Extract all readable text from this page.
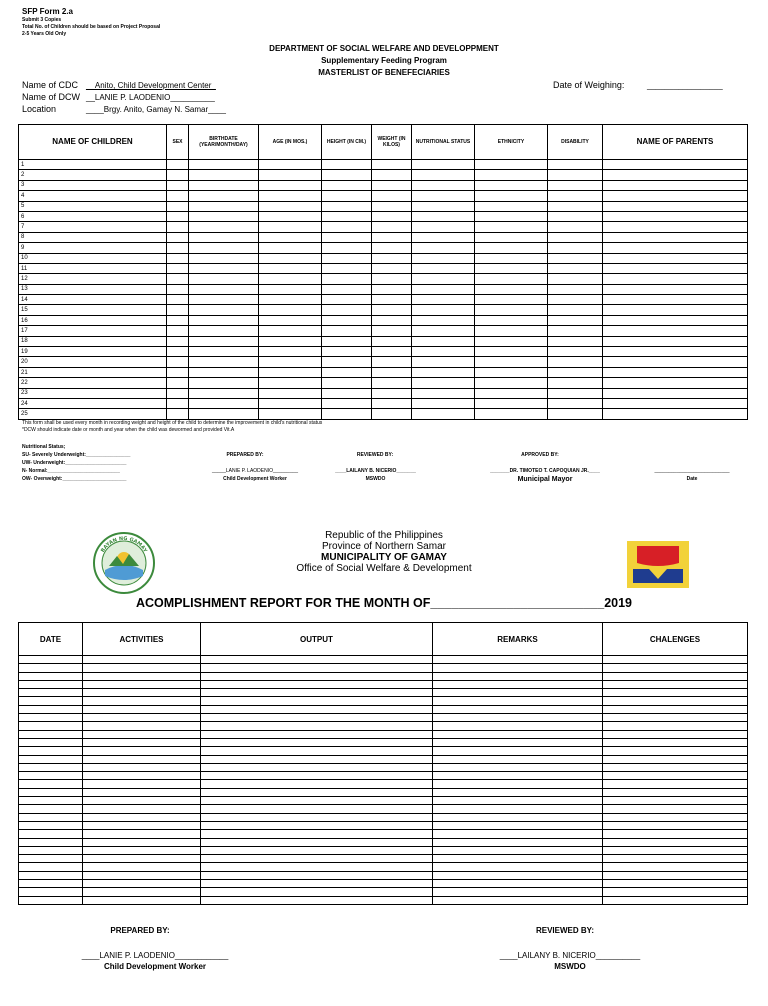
SFP Form 2.a
Submit 3 Copies
Total No. of Children should be based on Project Proposal
2-5 Years Old Only
DEPARTMENT OF SOCIAL WELFARE AND DEVELOPPMENT
Supplementary Feeding Program
MASTERLIST OF BENEFECIARIES
Name of CDC __Anito, Child Development Center_
Name of DCW __LANIE P. LAODENIO__________
Location	____Brgy. Anito, Gamay N. Samar____
Date of Weighing:	_________________
NAME OF CHILDREN	SEX	BIRTHDATE (YEAR/MONTH/DAY)	AGE (IN MOS.)	HEIGHT (IN CM.)	WEIGHT (IN KILOS)	NUTRITIONAL STATUS	ETHNICITY	DISABILITY	NAME OF PARENTS
1									
2									
3									
4									
5									
6									
7									
8									
9									
10									
11									
12									
13									
14									
15									
16									
17									
18									
19									
20									
21									
22									
23									
24									
25									
This form shall be used every month in recording weight and height of the child to determine the improvement in child's nutritional status
*DCW should indicate date or month and year when the child was dewormed and provided Vit.A
Nutritional Status;
SU- Severely Underweight:________________
UW- Underweight:______________________
N- Normal:__________________________
OW- Overweight:_______________________
PREPARED BY:
_____LANIE P. LAODENIO_________
Child Development Worker
REVIEWED BY:
____LAILANY B. NICERIO_______
MSWDO
APPROVED BY:
_______DR. TIMOTEO T. CAPOQUIAN JR.____
Municipal Mayor
___________________________
Date
BAYAN NG GAMAY
Republic of the Philippines
Province of Northern Samar
MUNICIPALITY OF GAMAY
Office of Social Welfare & Development
ACOMPLISHMENT REPORT FOR THE MONTH OF_________________________2019
DATE	ACTIVITIES	OUTPUT	REMARKS	CHALENGES

PREPARED BY:
____LANIE P. LAODENIO____________
Child Development Worker
REVIEWED BY:
____LAILANY B. NICERIO__________
MSWDO
